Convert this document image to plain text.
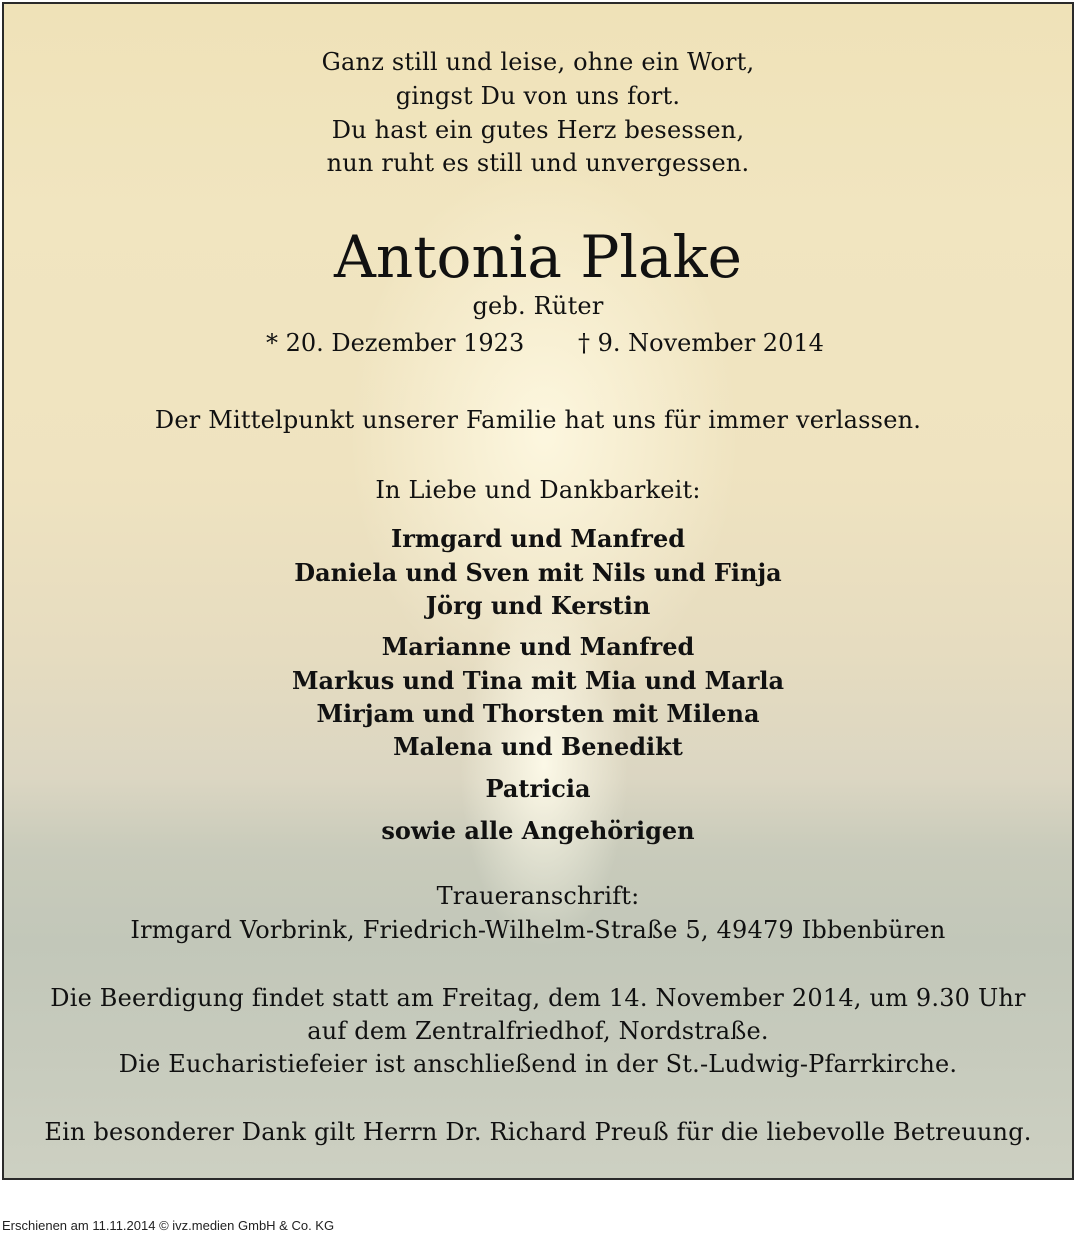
Ganz still und leise, ohne ein Wort,

gingst Du von uns fort.

Du hast ein gutes Herz besessen,

nun ruht es still und unvergessen.

Antonia Plake

geb. Rüter

* 20. Dezember 1923 † 9. November 2014

Der Mittelpunkt unserer Familie hat uns für immer verlassen.

In Liebe und Dankbarkeit:

Irmgard und Manfred

Daniela und Sven mit Nils und Finja

Jörg und Kerstin

Marianne und Manfred

Markus und Tina mit Mia und Marla

Mirjam und Thorsten mit Milena

Malena und Benedikt

Patricia

sowie alle Angehörigen

Traueranschrift:

Irmgard Vorbrink, Friedrich-Wilhelm-Straße 5, 49479 Ibbenbüren

Die Beerdigung findet statt am Freitag, dem 14. November 2014, um 9.30 Uhr

auf dem Zentralfriedhof, Nordstraße.

Die Eucharistiefeier ist anschließend in der St.-Ludwig-Pfarrkirche.

Ein besonderer Dank gilt Herrn Dr. Richard Preuß für die liebevolle Betreuung.

Erschienen am 11.11.2014 © ivz.medien GmbH & Co. KG
